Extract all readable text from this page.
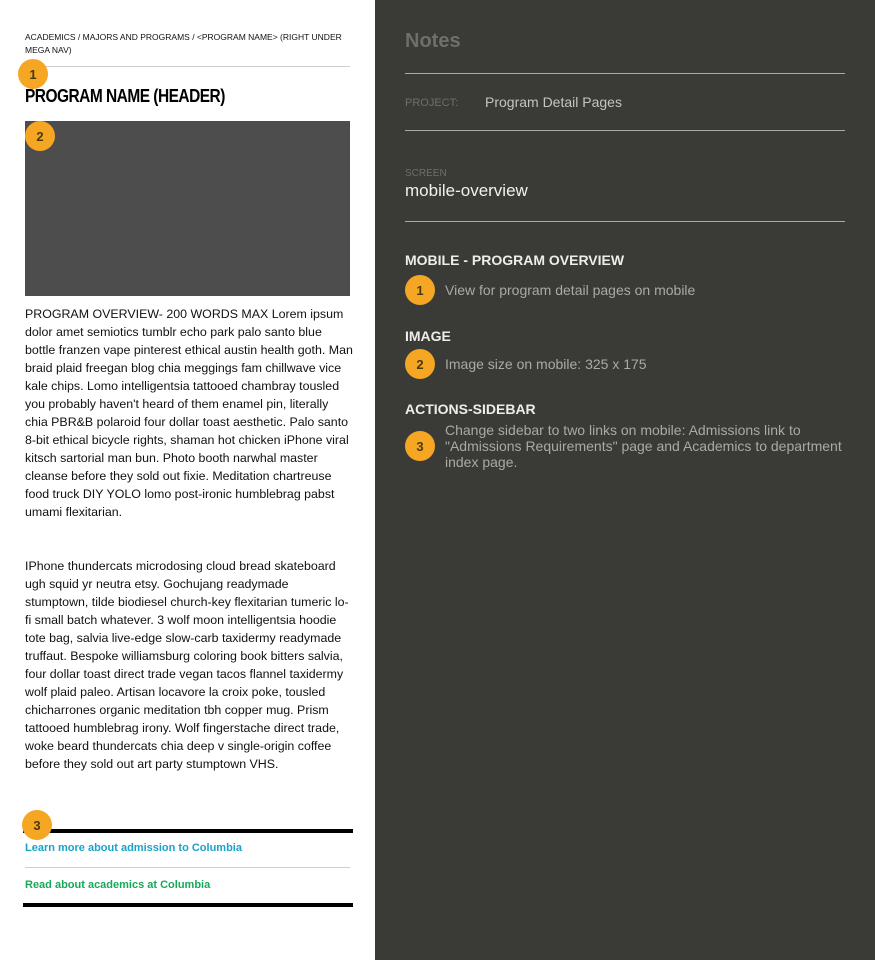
ACADEMICS / MAJORS AND PROGRAMS / <PROGRAM NAME> (RIGHT UNDER MEGA NAV)
1
PROGRAM NAME (HEADER)
2

PROGRAM OVERVIEW- 200 WORDS MAX Lorem ipsum dolor amet semiotics tumblr echo park palo santo blue bottle franzen vape pinterest ethical austin health goth. Man braid plaid freegan blog chia meggings fam chillwave vice kale chips. Lomo intelligentsia tattooed chambray tousled you probably haven't heard of them enamel pin, literally chia PBR&B polaroid four dollar toast aesthetic. Palo santo 8-bit ethical bicycle rights, shaman hot chicken iPhone viral kitsch sartorial man bun. Photo booth narwhal master cleanse before they sold out fixie. Meditation chartreuse food truck DIY YOLO lomo post-ironic humblebrag pabst umami flexitarian.

IPhone thundercats microdosing cloud bread skateboard ugh squid yr neutra etsy. Gochujang readymade stumptown, tilde biodiesel church-key flexitarian tumeric lo-fi small batch whatever. 3 wolf moon intelligentsia hoodie tote bag, salvia live-edge slow-carb taxidermy readymade truffaut. Bespoke williamsburg coloring book bitters salvia, four dollar toast direct trade vegan tacos flannel taxidermy wolf plaid paleo. Artisan locavore la croix poke, tousled chicharrones organic meditation tbh copper mug. Prism tattooed humblebrag irony. Wolf fingerstache direct trade, woke beard thundercats chia deep v single-origin coffee before they sold out art party stumptown VHS.

3
Learn more about admission to Columbia
Read about academics at Columbia
Notes
PROJECT: Program Detail Pages
SCREEN
mobile-overview
MOBILE - PROGRAM OVERVIEW
1	View for program detail pages on mobile

IMAGE
2	Image size on mobile: 325 x 175

ACTIONS-SIDEBAR
3

Change sidebar to two links on mobile: Admissions link to "Admissions Requirements" page and Academics to department index page.
